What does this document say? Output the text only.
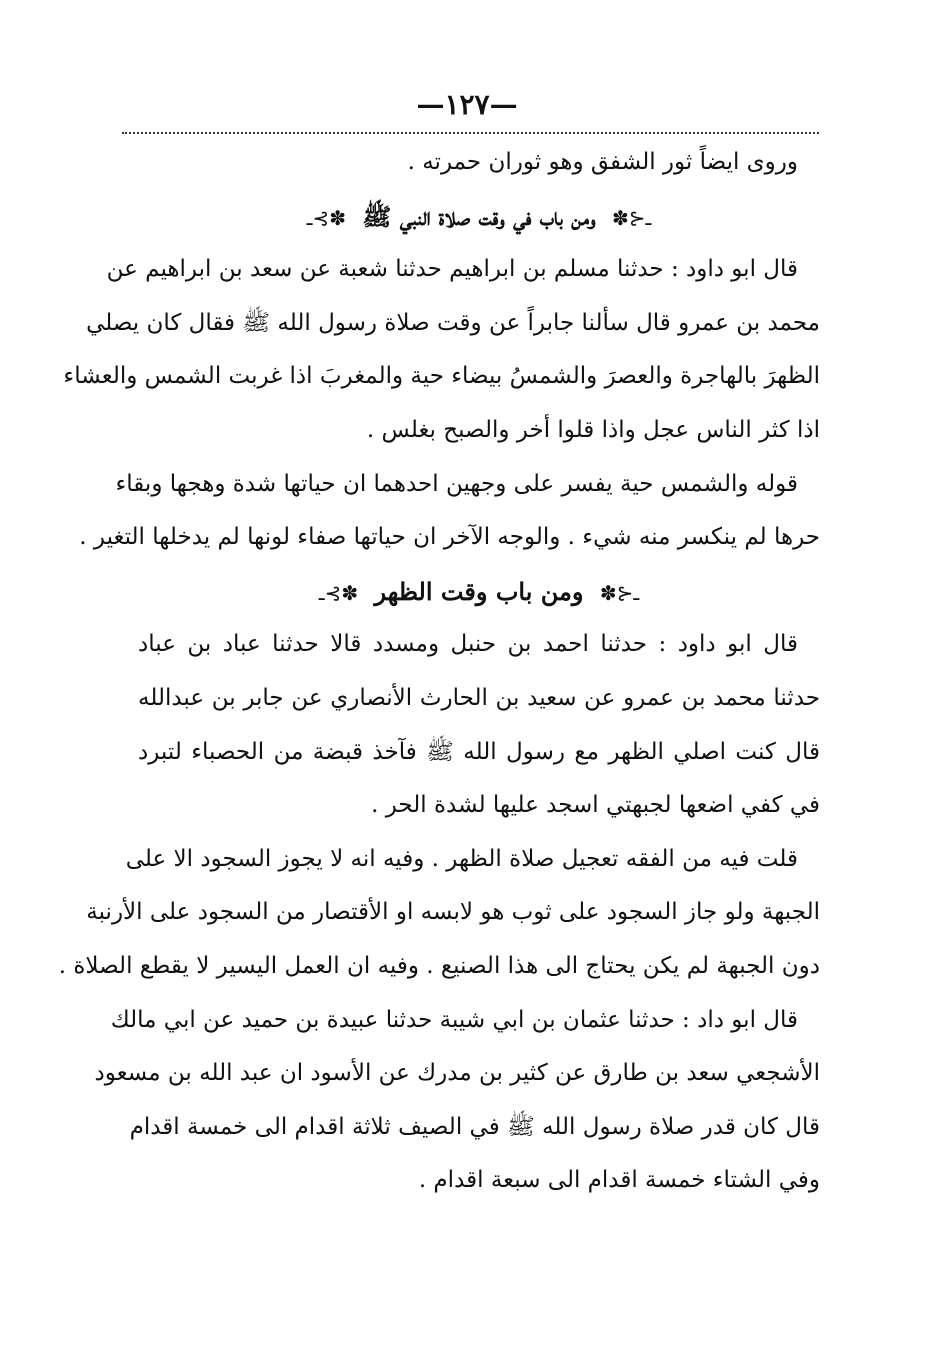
—١٢٧—
وروى ايضاً ثور الشفق وهو ثوران حمرته .
ـ⊰✽ ومن باب في وقت صلاة النبي ﷺ ✽⊱ـ
قال ابو داود : حدثنا مسلم بن ابراهيم حدثنا شعبة عن سعد بن ابراهيم عن
محمد بن عمرو قال سألنا جابراً عن وقت صلاة رسول الله ﷺ فقال كان يصلي
الظهرَ بالهاجرة والعصرَ والشمسُ بيضاء حية والمغربَ اذا غربت الشمس والعشاء
اذا كثر الناس عجل واذا قلوا أخر والصبح بغلس .
قوله والشمس حية يفسر على وجهين احدهما ان حياتها شدة وهجها وبقاء
حرها لم ينكسر منه شيء . والوجه الآخر ان حياتها صفاء لونها لم يدخلها التغير .
ـ⊰✽ ومن باب وقت الظهر ✽⊱ـ
قال ابو داود : حدثنا احمد بن حنبل ومسدد قالا حدثنا عباد بن عباد
حدثنا محمد بن عمرو عن سعيد بن الحارث الأنصاري عن جابر بن عبدالله
قال كنت اصلي الظهر مع رسول الله ﷺ فآخذ قبضة من الحصباء لتبرد
في كفي اضعها لجبهتي اسجد عليها لشدة الحر .
قلت فيه من الفقه تعجيل صلاة الظهر . وفيه انه لا يجوز السجود الا على
الجبهة ولو جاز السجود على ثوب هو لابسه او الأقتصار من السجود على الأرنبة
دون الجبهة لم يكن يحتاج الى هذا الصنيع . وفيه ان العمل اليسير لا يقطع الصلاة .
قال ابو داد : حدثنا عثمان بن ابي شيبة حدثنا عبيدة بن حميد عن ابي مالك
الأشجعي سعد بن طارق عن كثير بن مدرك عن الأسود ان عبد الله بن مسعود
قال كان قدر صلاة رسول الله ﷺ في الصيف ثلاثة اقدام الى خمسة اقدام
وفي الشتاء خمسة اقدام الى سبعة اقدام .
